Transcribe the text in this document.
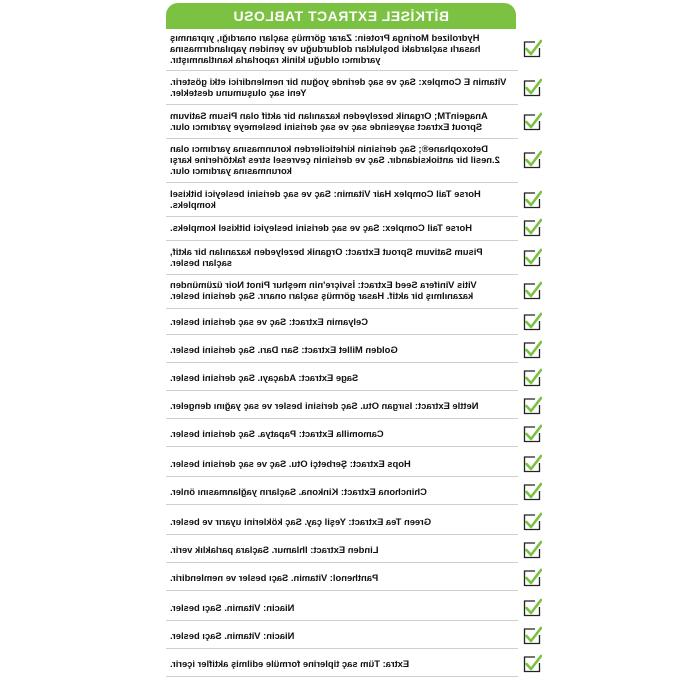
BİTKİSEL EXTRACT TABLOSU
Hydrolized Moringa Protein: Zarar görmüş saçları onardığı, yıpranmış hasarlı saçlardaki boşlukları doldurduğu ve yeniden yapılandırmasına yardımcı olduğu klinik raporlarla kanıtlanmıştır.
Vitamin E Complex: Saç ve saç derinde yoğun bir nemlendirici etki gösterir. Yeni saç oluşumunu destekler.
AnageinTM; Organik bezelyeden kazanılan bir aktif olan Pisum Sativum Sprout Extract sayesinde saç ve saç derisini beslemeye yardımcı olur.
Detoxophane®; Saç derisinin kirleticilerden korunmasına yardımcı olan 2.nesil bir antioksidandır. Saç ve derisinin çevresel stres faktörlerine karşı korunmasına yardımcı olur.
Horse Tail Complex Hair Vitamin: Saç ve saç derisini besleyici bitkisel kompleks.
Horse Tail Complex: Saç ve saç derisini besleyici bitkisel kompleks.
Pisum Sativum Sprout Extract: Organik bezelyeden kazanılan bir aktif, saçları besler.
Vitis Vinifera Seed Extract: İsviçre'nin meşhur Pinot Noir üzümünden kazanılmış bir aktif. Hasar görmüş saçları onarır. Saç derisini besler.
Celyamin Extract: Saç ve saç derisini besler.
Golden Millet Extract: Sarı Darı. Saç derisini besler.
Sage Extract: Adaçayı. Saç derisini besler.
Nettle Extract: Isırgan Otu. Saç derisini besler ve saç yağını dengeler.
Camomilla Extract: Papatya. Saç derisini besler.
Hops Extract: Şerbetçi Otu. Saç ve saç derisini besler.
Chinchona Extract: Kinkona. Saçların yağlanmasını önler.
Green Tea Extract: Yeşil çay. Saç köklerini uyarır ve besler.
Linden Extract: Ihlamur. Saçlara parlaklık verir.
Panthenol: Vitamin. Saçı besler ve nemlendirir.
Niacin: Vitamin. Saçı besler.
Niacin: Vitamin. Saçı besler.
Extra: Tüm saç tiplerine formüle edilmiş aktifler içerir.
